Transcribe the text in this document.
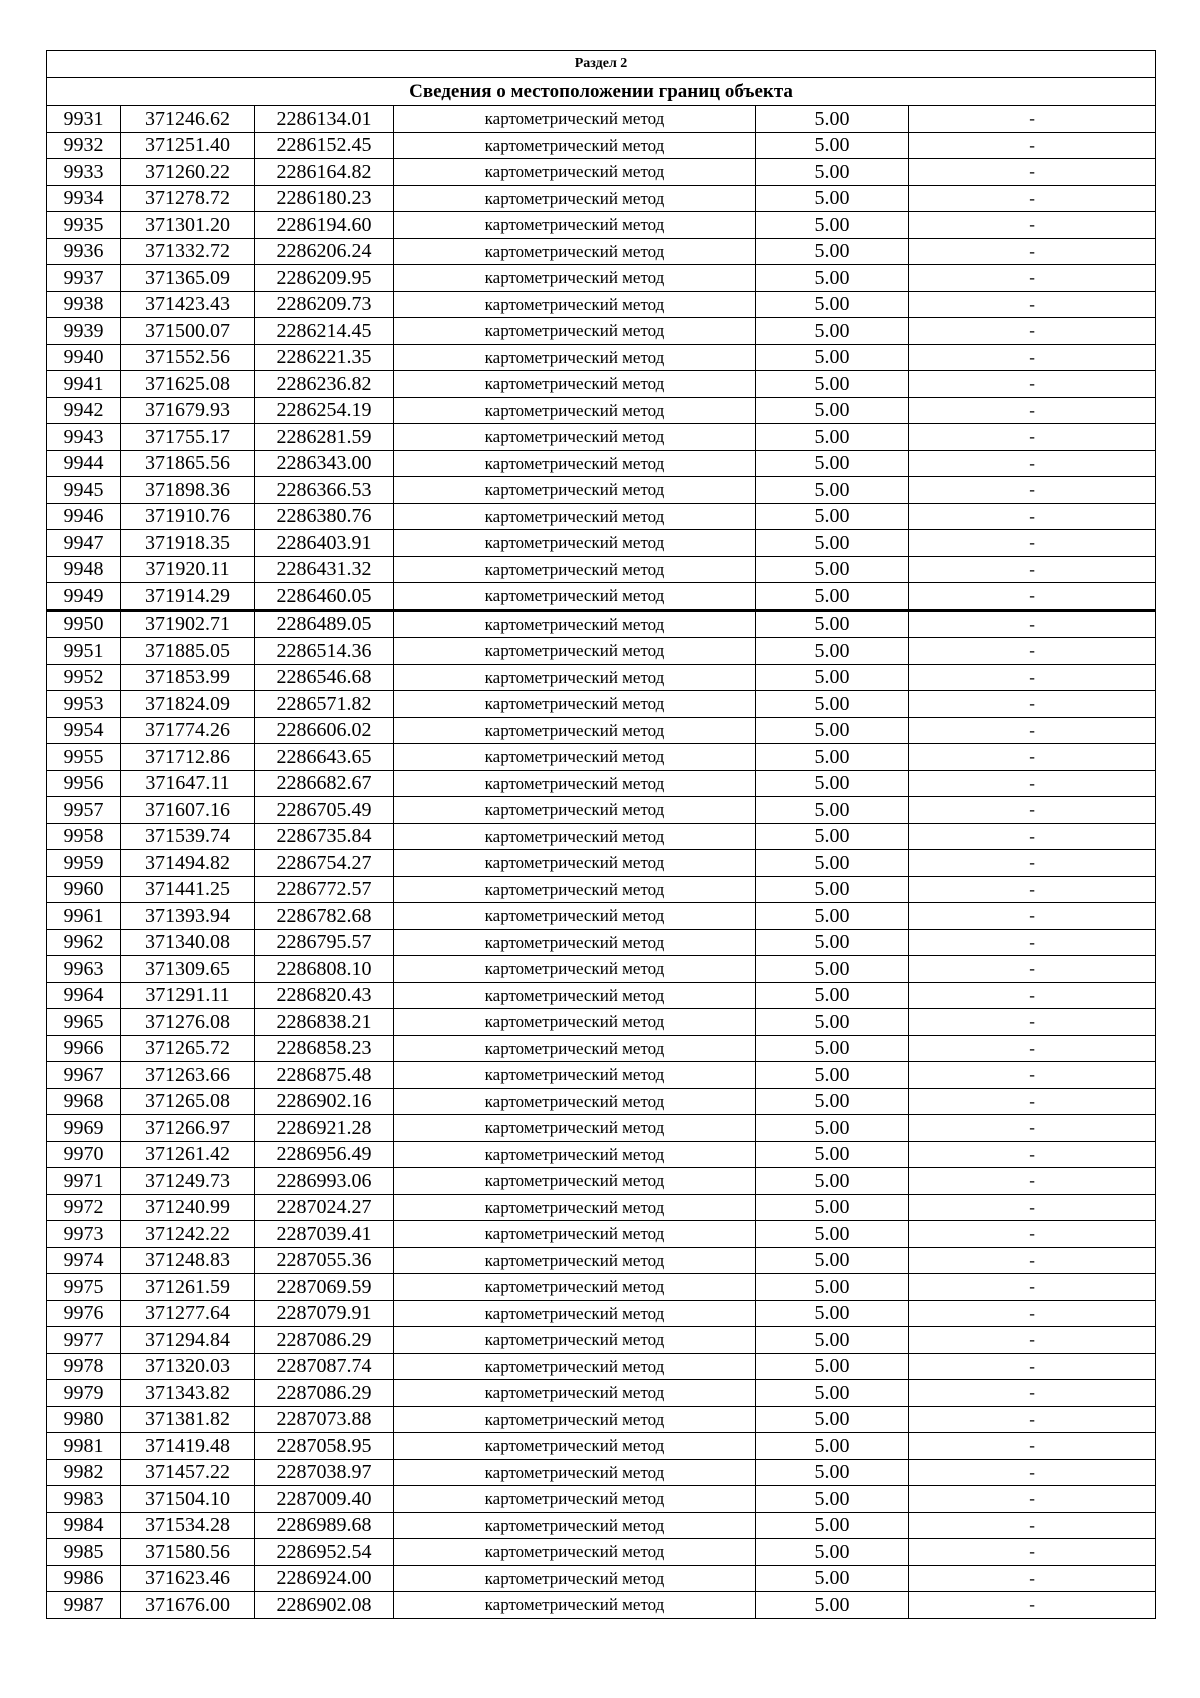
Раздел 2					
Сведения о местоположении границ объекта					
9931	371246.62	2286134.01	картометрический метод	5.00	-
9932	371251.40	2286152.45	картометрический метод	5.00	-
9933	371260.22	2286164.82	картометрический метод	5.00	-
9934	371278.72	2286180.23	картометрический метод	5.00	-
9935	371301.20	2286194.60	картометрический метод	5.00	-
9936	371332.72	2286206.24	картометрический метод	5.00	-
9937	371365.09	2286209.95	картометрический метод	5.00	-
9938	371423.43	2286209.73	картометрический метод	5.00	-
9939	371500.07	2286214.45	картометрический метод	5.00	-
9940	371552.56	2286221.35	картометрический метод	5.00	-
9941	371625.08	2286236.82	картометрический метод	5.00	-
9942	371679.93	2286254.19	картометрический метод	5.00	-
9943	371755.17	2286281.59	картометрический метод	5.00	-
9944	371865.56	2286343.00	картометрический метод	5.00	-
9945	371898.36	2286366.53	картометрический метод	5.00	-
9946	371910.76	2286380.76	картометрический метод	5.00	-
9947	371918.35	2286403.91	картометрический метод	5.00	-
9948	371920.11	2286431.32	картометрический метод	5.00	-
9949	371914.29	2286460.05	картометрический метод	5.00	-
9950	371902.71	2286489.05	картометрический метод	5.00	-
9951	371885.05	2286514.36	картометрический метод	5.00	-
9952	371853.99	2286546.68	картометрический метод	5.00	-
9953	371824.09	2286571.82	картометрический метод	5.00	-
9954	371774.26	2286606.02	картометрический метод	5.00	-
9955	371712.86	2286643.65	картометрический метод	5.00	-
9956	371647.11	2286682.67	картометрический метод	5.00	-
9957	371607.16	2286705.49	картометрический метод	5.00	-
9958	371539.74	2286735.84	картометрический метод	5.00	-
9959	371494.82	2286754.27	картометрический метод	5.00	-
9960	371441.25	2286772.57	картометрический метод	5.00	-
9961	371393.94	2286782.68	картометрический метод	5.00	-
9962	371340.08	2286795.57	картометрический метод	5.00	-
9963	371309.65	2286808.10	картометрический метод	5.00	-
9964	371291.11	2286820.43	картометрический метод	5.00	-
9965	371276.08	2286838.21	картометрический метод	5.00	-
9966	371265.72	2286858.23	картометрический метод	5.00	-
9967	371263.66	2286875.48	картометрический метод	5.00	-
9968	371265.08	2286902.16	картометрический метод	5.00	-
9969	371266.97	2286921.28	картометрический метод	5.00	-
9970	371261.42	2286956.49	картометрический метод	5.00	-
9971	371249.73	2286993.06	картометрический метод	5.00	-
9972	371240.99	2287024.27	картометрический метод	5.00	-
9973	371242.22	2287039.41	картометрический метод	5.00	-
9974	371248.83	2287055.36	картометрический метод	5.00	-
9975	371261.59	2287069.59	картометрический метод	5.00	-
9976	371277.64	2287079.91	картометрический метод	5.00	-
9977	371294.84	2287086.29	картометрический метод	5.00	-
9978	371320.03	2287087.74	картометрический метод	5.00	-
9979	371343.82	2287086.29	картометрический метод	5.00	-
9980	371381.82	2287073.88	картометрический метод	5.00	-
9981	371419.48	2287058.95	картометрический метод	5.00	-
9982	371457.22	2287038.97	картометрический метод	5.00	-
9983	371504.10	2287009.40	картометрический метод	5.00	-
9984	371534.28	2286989.68	картометрический метод	5.00	-
9985	371580.56	2286952.54	картометрический метод	5.00	-
9986	371623.46	2286924.00	картометрический метод	5.00	-
9987	371676.00	2286902.08	картометрический метод	5.00	-
